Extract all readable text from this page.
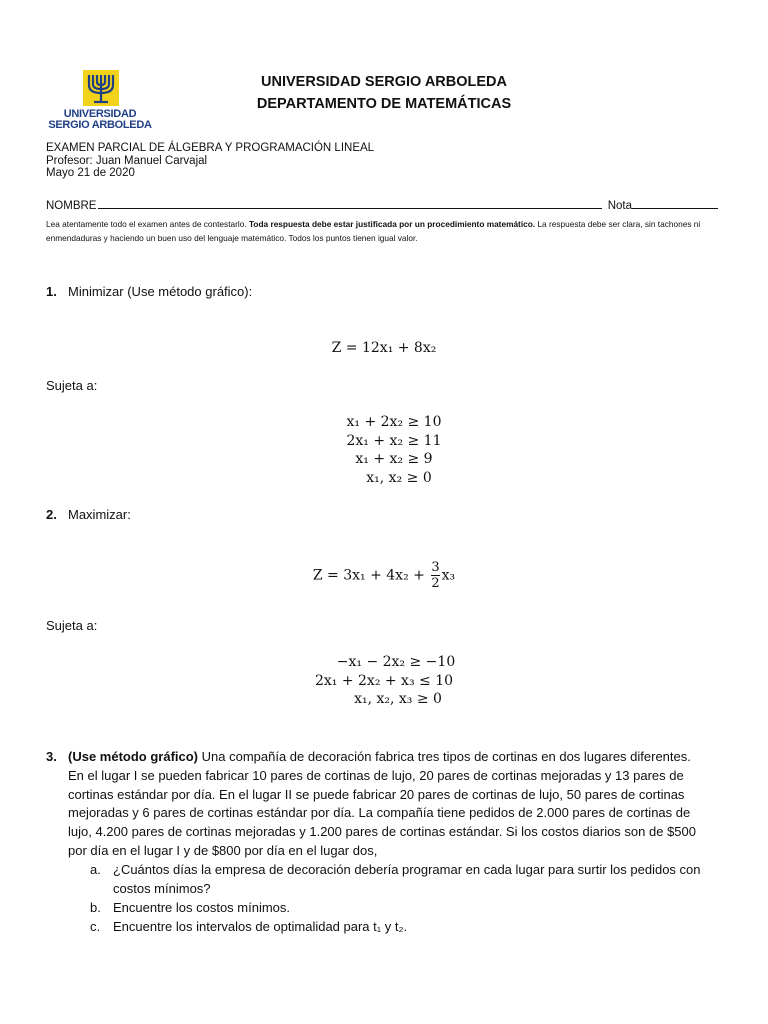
UNIVERSIDAD
SERGIO ARBOLEDA
UNIVERSIDAD SERGIO ARBOLEDA
DEPARTAMENTO DE MATEMÁTICAS
EXAMEN PARCIAL DE ÁLGEBRA Y PROGRAMACIÓN LINEAL
Profesor: Juan Manuel Carvajal
Mayo 21 de 2020
NOMBRE	Nota
Lea atentamente todo el examen antes de contestarlo. Toda respuesta debe estar justificada por un procedimiento matemático. La respuesta debe ser clara, sin tachones ni enmendaduras y haciendo un buen uso del lenguaje matemático. Todos los puntos tienen igual valor.
1. Minimizar (Use método gráfico):
Z = 12x₁ + 8x₂
Sujeta a:
x₁ + 2x₂ ≥ 10
2x₁ + x₂ ≥ 11
x₁ + x₂ ≥ 9
x₁, x₂ ≥ 0
2. Maximizar:
$Z = 3x_1 + 4x_2 + \frac{3}{2} x_3$
Sujeta a:
−x₁ − 2x₂ ≥ −10
2x₁ + 2x₂ + x₃ ≤ 10
x₁, x₂, x₃ ≥ 0
3. (Use método gráfico) Una compañía de decoración fabrica tres tipos de cortinas en dos lugares diferentes.
En el lugar I se pueden fabricar 10 pares de cortinas de lujo, 20 pares de cortinas mejoradas y 13 pares de
cortinas estándar por día. En el lugar II se puede fabricar 20 pares de cortinas de lujo, 50 pares de cortinas
mejoradas y 6 pares de cortinas estándar por día. La compañía tiene pedidos de 2.000 pares de cortinas de
lujo, 4.200 pares de cortinas mejoradas y 1.200 pares de cortinas estándar. Si los costos diarios son de $500
por día en el lugar I y de $800 por día en el lugar dos,
a. ¿Cuántos días la empresa de decoración debería programar en cada lugar para surtir los pedidos con
costos mínimos?
b. Encuentre los costos mínimos.
c. Encuentre los intervalos de optimalidad para t₁ y t₂.
